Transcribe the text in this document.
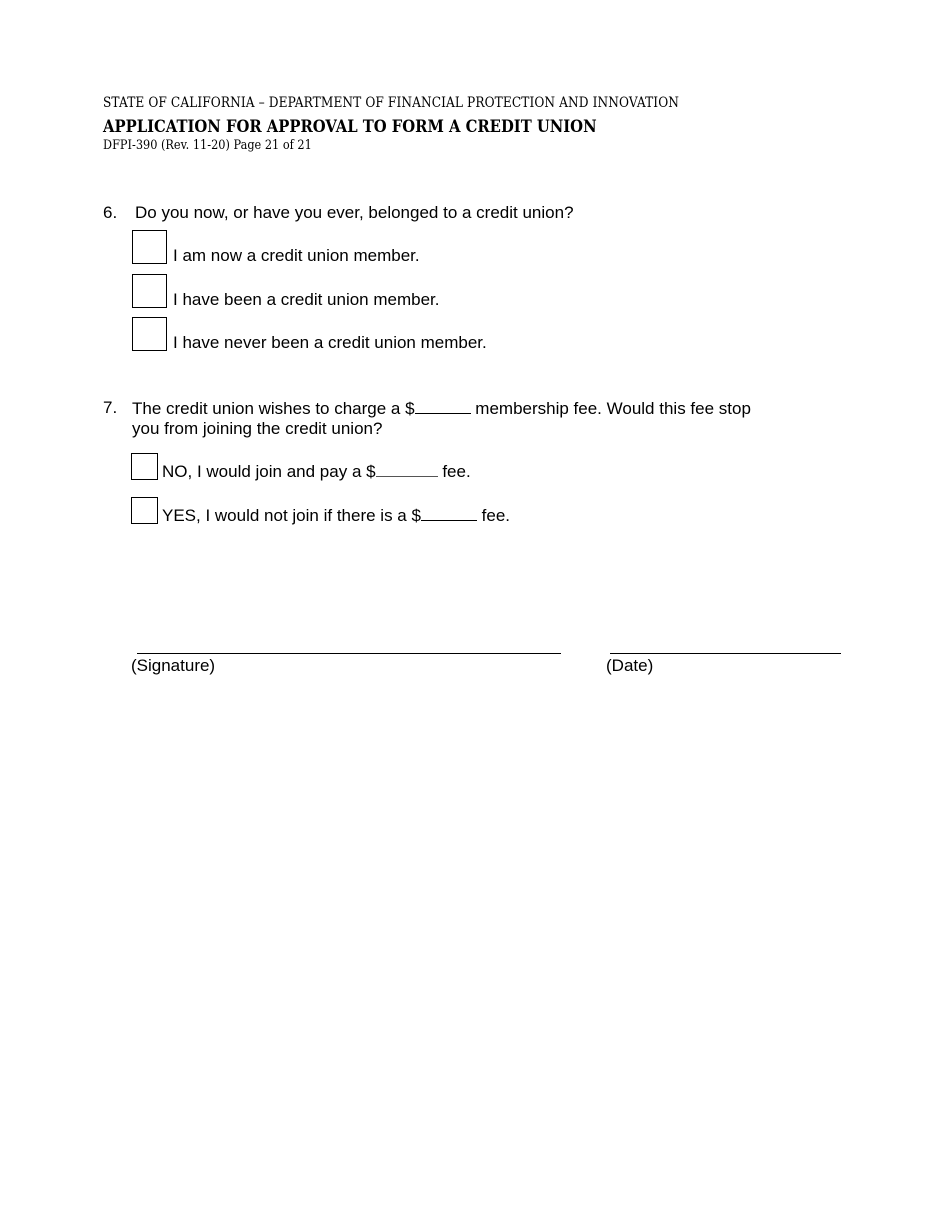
STATE OF CALIFORNIA – DEPARTMENT OF FINANCIAL PROTECTION AND INNOVATION
APPLICATION FOR APPROVAL TO FORM A CREDIT UNION
DFPI-390 (Rev. 11-20) Page 21 of 21
6. Do you now, or have you ever, belonged to a credit union?
I am now a credit union member.
I have been a credit union member.
I have never been a credit union member.
7. The credit union wishes to charge a $	membership fee. Would this fee stop
you from joining the credit union?
NO, I would join and pay a $	fee.
YES, I would not join if there is a $	fee.
(Signature)	(Date)
